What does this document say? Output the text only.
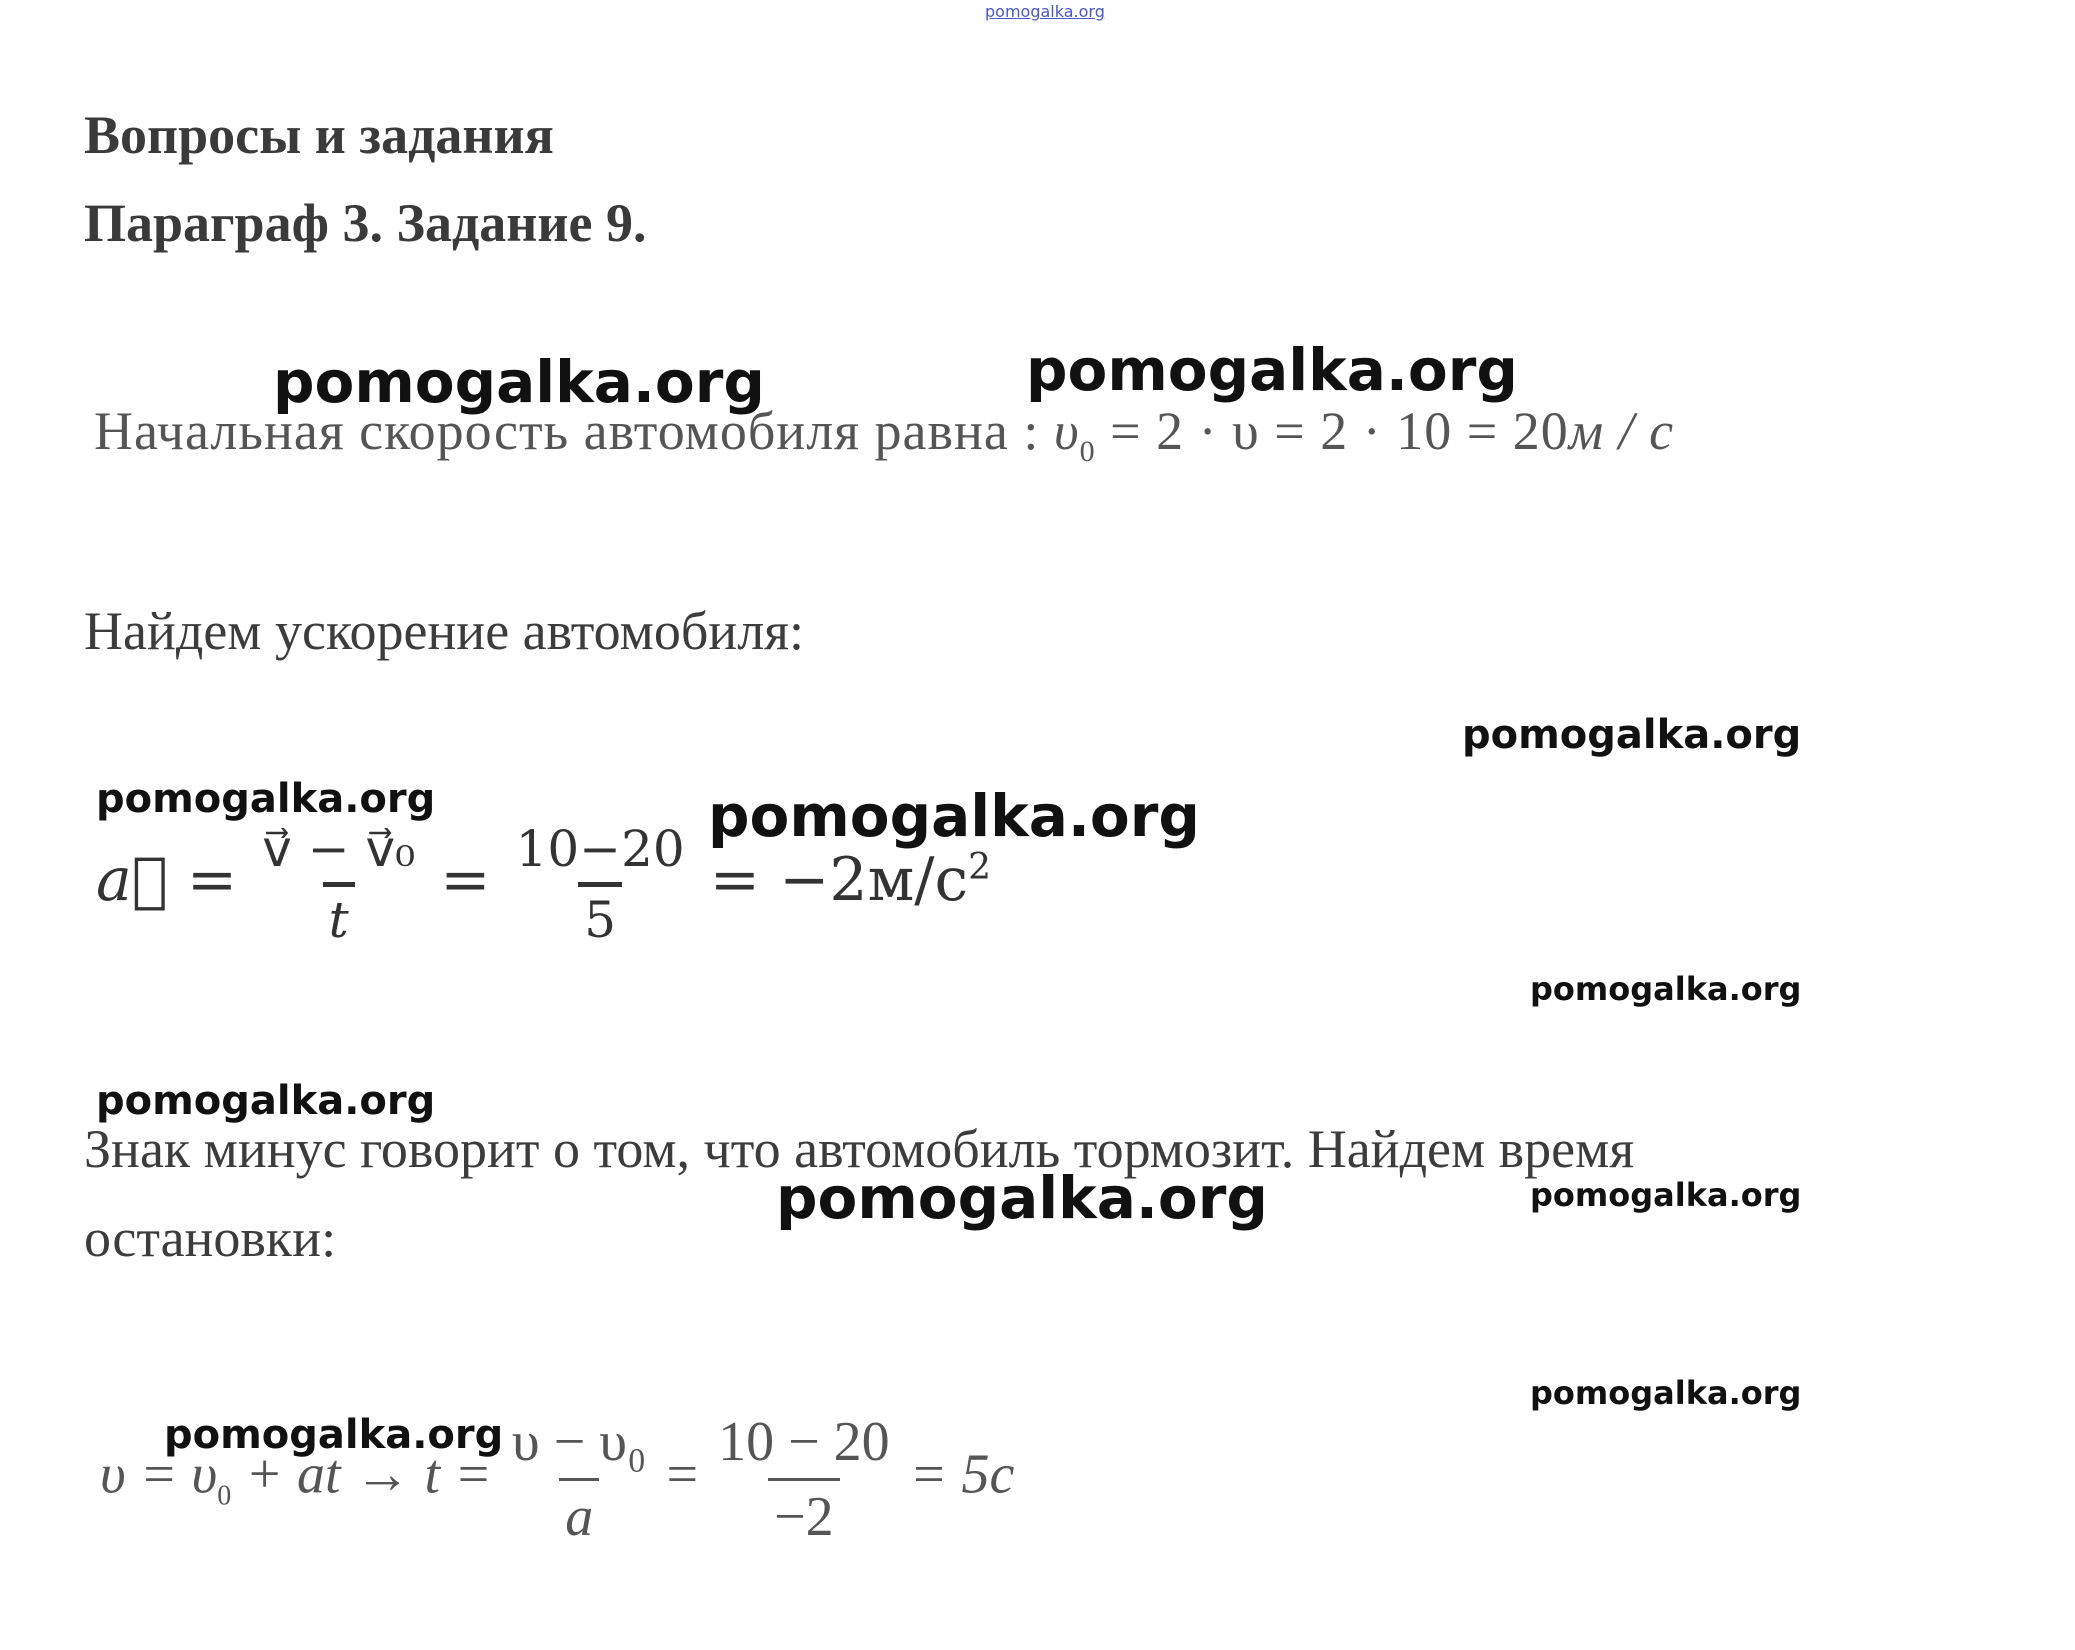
pomogalka.org
Вопросы и задания
Параграф 3. Задание 9.
Начальная скорость автомобиля равна : $\upsilon_0 = 2 \cdot \upsilon = 2 \cdot 10 = 20м / с$
Найдем ускорение автомобиля:
a⃗ = $\frac{\text{v⃗ − v⃗₀}}{t} = \frac{10-20}{5} = -2м/с^2$
Знак минус говорит о том, что автомобиль тормозит. Найдем время
остановки:
$\upsilon = \upsilon_0$ + at → $t = \frac{\text{υ − υ₀}}{a} = \frac{10 - 20}{-2} = 5c$
pomogalka.org	pomogalka.org
pomogalka.org
pomogalka.org	pomogalka.org
pomogalka.org
pomogalka.org
pomogalka.org	pomogalka.org
pomogalka.org
pomogalka.org
